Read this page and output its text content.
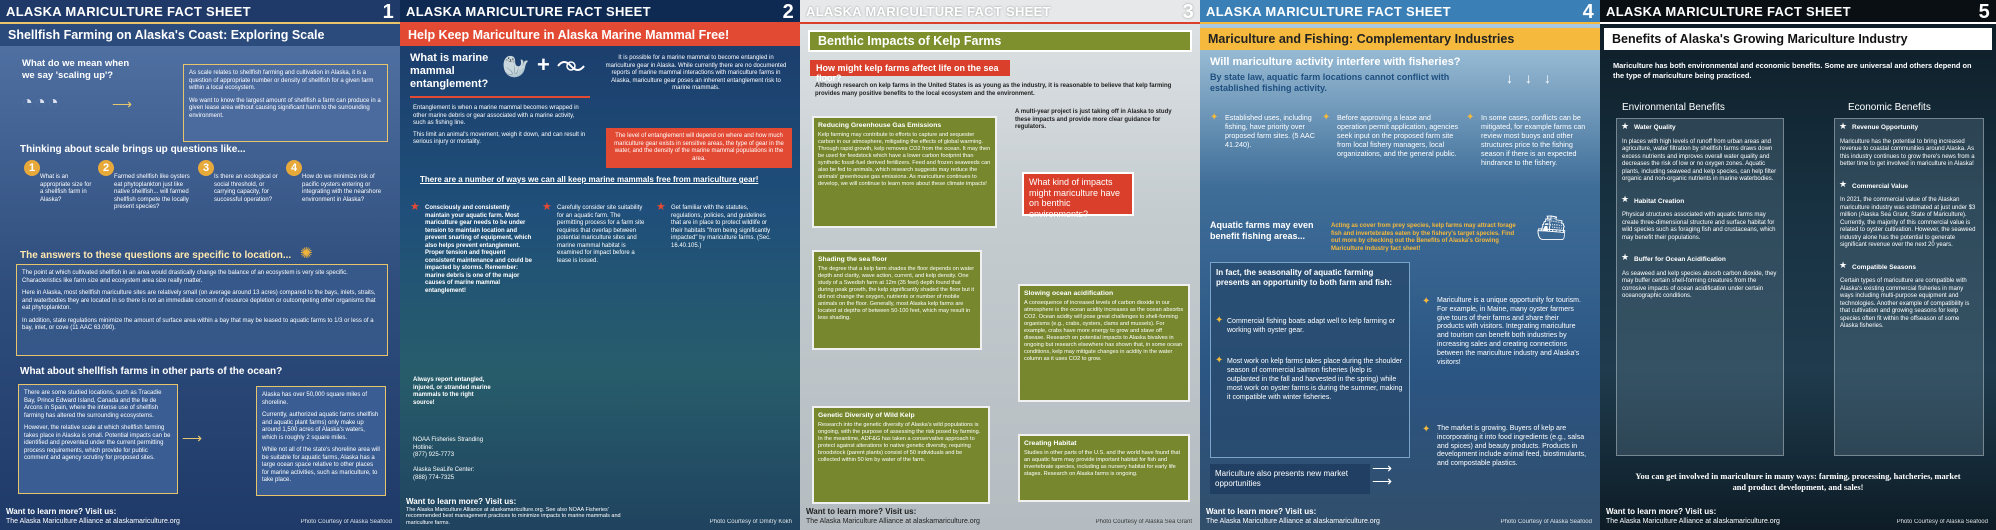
ALASKA MARICULTURE FACT SHEET	1
Shellfish Farming on Alaska's Coast: Exploring Scale
What do we mean when we say 'scaling up'?
◔◔◔	⟶

As scale relates to shellfish farming and cultivation in Alaska, it is a question of appropriate number or density of shellfish for a given farm within a local ecosystem.

We want to know the largest amount of shellfish a farm can produce in a given lease area without causing significant harm to the surrounding environment.

Thinking about scale brings up questions like...
1	2	3	4
What is an appropriate size for a shellfish farm in Alaska?
Farmed shellfish like oysters eat phytoplankton just like native shellfish... will farmed shellfish compete the locally present species?
Is there an ecological or social threshold, or carrying capacity, for successful operation?
How do we minimize risk of pacific oysters entering or integrating with the nearshore environment in Alaska?
The answers to these questions are specific to location... ✺

The point at which cultivated shellfish in an area would drastically change the balance of an ecosystem is very site specific. Characteristics like farm size and ecosystem area size really matter.

Here in Alaska, most shellfish mariculture sites are relatively small (on average around 13 acres) compared to the bays, inlets, straits, and waterbodies they are located in so there is not an immediate concern of resource depletion or outcompeting other organisms that eat phytoplankton.

In addition, state regulations minimize the amount of surface area within a bay that may be leased to aquatic farms to 1/3 or less of a bay, inlet, or cove (11 AAC 63.090).

What about shellfish farms in other parts of the ocean?

There are some studied locations, such as Tracadie Bay, Prince Edward Island, Canada and the Ile de Arcons in Spain, where the intense use of shellfish farming has altered the surrounding ecosystems.

However, the relative scale at which shellfish farming takes place in Alaska is small. Potential impacts can be identified and prevented under the current permitting process requirements, which provide for public comment and agency scrutiny for proposed sites.

⟶

Alaska has over 50,000 square miles of shoreline.

Currently, authorized aquatic farms shellfish and aquatic plant farms) only make up around 1,500 acres of Alaska's waters, which is roughly 2 square miles.

While not all of the state's shoreline area will be suitable for aquatic farms, Alaska has a large ocean space relative to other places for marine activities, such as mariculture, to take place.

Want to learn more? Visit us:
The Alaska Mariculture Alliance at alaskamariculture.org	Photo Courtesy of Alaska Seafood
ALASKA MARICULTURE FACT SHEET	2
Help Keep Mariculture in Alaska Marine Mammal Free!
What is marine mammal entanglement?
🦭 +

Entanglement is when a marine mammal becomes wrapped in other marine debris or gear associated with a marine activity, such as fishing line.

This limit an animal's movement, weigh it down, and can result in serious injury or mortality.

It is possible for a marine mammal to become entangled in mariculture gear in Alaska. While currently there are no documented reports of marine mammal interactions with mariculture farms in Alaska, mariculture gear poses an inherent entanglement risk to marine mammals.
The level of entanglement will depend on where and how much mariculture gear exists in sensitive areas, the type of gear in the water, and the density of the marine mammal populations in the area.
There are a number of ways we can all keep marine mammals free from mariculture gear!
★ Consciously and consistently maintain your aquatic farm. Most mariculture gear needs to be under tension to maintain location and prevent snarling of equipment, which also helps prevent entanglement. Proper tension and frequent consistent maintenance and could be impacted by storms. Remember: marine debris is one of the major causes of marine mammal entanglement!
★ Carefully consider site suitability for an aquatic farm. The permitting process for a farm site requires that overlap between potential mariculture sites and marine mammal habitat is examined for impact before a lease is issued.
★ Get familiar with the statutes, regulations, policies, and guidelines that are in place to protect wildlife or their habitats "from being significantly impacted" by mariculture farms. (Sec. 16.40.105.)
Always report entangled, injured, or stranded marine mammals to the right source!
NOAA Fisheries Stranding Hotline:
(877) 925-7773

Alaska SeaLife Center:
(888) 774-7325
Want to learn more? Visit us:

The Alaska Mariculture Alliance at alaskamariculture.org. See also NOAA Fisheries' recommended best management practices to minimize impacts to marine mammals and mariculture farms.	Photo Courtesy of Dmitry Kokh
ALASKA MARICULTURE FACT SHEET	3
Benthic Impacts of Kelp Farms
How might kelp farms affect life on the sea floor?
Although research on kelp farms in the United States is as young as the industry, it is reasonable to believe that kelp farming provides many positive benefits to the local ecosystem and the environment.
A multi-year project is just taking off in Alaska to study these impacts and provide more clear guidance for regulators.
What kind of impacts might mariculture have on benthic environments?
Reducing Greenhouse Gas Emissions
Kelp farming may contribute to efforts to capture and sequester carbon in our atmosphere, mitigating the effects of global warming. Through rapid growth, kelp removes CO2 from the ocean. It may then be used for feedstock which have a lower carbon footprint than synthetic fossil-fuel derived fertilizers. Feed and frozen seaweeds can also be fed to animals, which research suggests may reduce the animals' greenhouse gas emissions. As mariculture continues to develop, we will continue to learn more about these climate impacts!
Shading the sea floor
The degree that a kelp farm shades the floor depends on water depth and clarity, wave action, current, and kelp density. One study of a Swedish farm at 12m (35 feet) depth found that during peak growth, the kelp significantly shaded the floor but it did not change the oxygen, nutrients or number of mobile animals on the floor. Generally, most Alaska kelp farms are located at depths of between 50-100 feet, which may result in less shading.
Slowing ocean acidification
A consequence of increased levels of carbon dioxide in our atmosphere is the ocean acidity increases as the ocean absorbs CO2. Ocean acidity will pose great challenges to shell-forming organisms (e.g., crabs, oysters, clams and mussels). For example, crabs have more energy to grow and stave off disease. Research on potential impacts to Alaska bivalves in ongoing but research elsewhere has shown that, in some ocean conditions, kelp may mitigate changes in acidity in the water column as it uses CO2 to grow.
Genetic Diversity of Wild Kelp
Research into the genetic diversity of Alaska's wild populations is ongoing, with the purpose of assessing the risk posed by farming. In the meantime, ADF&G has taken a conservative approach to protect against alterations to native genetic diversity, requiring broodstock (parent plants) consist of 50 individuals and be collected within 50 km by water of the farm.
Creating Habitat
Studies in other parts of the U.S. and the world have found that an aquatic farm may provide important habitat for fish and invertebrate species, including as nursery habitat for early life stages. Research on Alaska farms is ongoing.
Want to learn more? Visit us:
The Alaska Mariculture Alliance at alaskamariculture.org	Photo Courtesy of Alaska Sea Grant
ALASKA MARICULTURE FACT SHEET	4
Mariculture and Fishing: Complementary Industries
Will mariculture activity interfere with fisheries?
By state law, aquatic farm locations cannot conflict with established fishing activity.
↓↓↓
✦ Established uses, including fishing, have priority over proposed farm sites. (5 AAC 41.240).
✦ Before approving a lease and operation permit application, agencies seek input on the proposed farm site from local fishery managers, local organizations, and the general public.
✦ In some cases, conflicts can be mitigated, for example farms can review most buoys and other structures price to the fishing season if there is an expected hindrance to the fishery.
Aquatic farms may even benefit fishing areas...
Acting as cover from prey species, kelp farms may attract forage fish and invertebrates eaten by the fishery's target species. Find out more by checking out the Benefits of Alaska's Growing Mariculture Industry fact sheet!
⛴
In fact, the seasonality of aquatic farming presents an opportunity to both farm and fish:
✦ Commercial fishing boats adapt well to kelp farming or working with oyster gear.
✦ Most work on kelp farms takes place during the shoulder season of commercial salmon fisheries (kelp is outplanted in the fall and harvested in the spring) while most work on oyster farms is during the summer, making it compatible with winter fisheries.
✦ Mariculture is a unique opportunity for tourism. For example, in Maine, many oyster farmers give tours of their farms and share their products with visitors. Integrating mariculture and tourism can benefit both industries by increasing sales and creating connections between the mariculture industry and Alaska's visitors!
✦ The market is growing. Buyers of kelp are incorporating it into food ingredients (e.g., salsa and spices) and beauty products. Products in development include animal feed, biostimulants, and compostable plastics.
Mariculture also presents new market opportunities
⟶
⟶
Want to learn more? Visit us:
The Alaska Mariculture Alliance at alaskamariculture.org	Photo Courtesy of Alaska Seafood
ALASKA MARICULTURE FACT SHEET	5
Benefits of Alaska's Growing Mariculture Industry
Mariculture has both environmental and economic benefits. Some are universal and others depend on the type of mariculture being practiced.
Environmental Benefits	Economic Benefits
★ Water Quality
In places with high levels of runoff from urban areas and agriculture, water filtration by shellfish farms draws down excess nutrients and improves overall water quality and decreases the risk of low or no oxygen zones. Aquatic plants, including seaweed and kelp species, can help filter organic and non-organic nutrients in marine waterbodies.
★ Habitat Creation
Physical structures associated with aquatic farms may create three-dimensional structure and surface habitat for wild species such as foraging fish and crustaceans, which may benefit their populations.
★ Buffer for Ocean Acidification
As seaweed and kelp species absorb carbon dioxide, they may buffer certain shell-forming creatures from the corrosive impacts of ocean acidification under certain oceanographic conditions.
★ Revenue Opportunity
Mariculture has the potential to bring increased revenue to coastal communities around Alaska. As this industry continues to grow there's news from a better time to get involved in mariculture in Alaska!
★ Commercial Value
In 2021, the commercial value of the Alaskan mariculture industry was estimated at just under $3 million (Alaska Sea Grant, State of Mariculture). Currently, the majority of this commercial value is related to oyster cultivation. However, the seaweed industry alone has the potential to generate significant revenue over the next 20 years.
★ Compatible Seasons
Certain types of mariculture are compatible with Alaska's existing commercial fisheries in many ways including multi-purpose equipment and technologies. Another example of compatibility is that cultivation and growing seasons for kelp species often fit within the offseason of some Alaska fisheries.
You can get involved in mariculture in many ways: farming, processing, hatcheries, market and product development, and sales!
Want to learn more? Visit us:
The Alaska Mariculture Alliance at alaskamariculture.org	Photo Courtesy of Alaska Seafood
